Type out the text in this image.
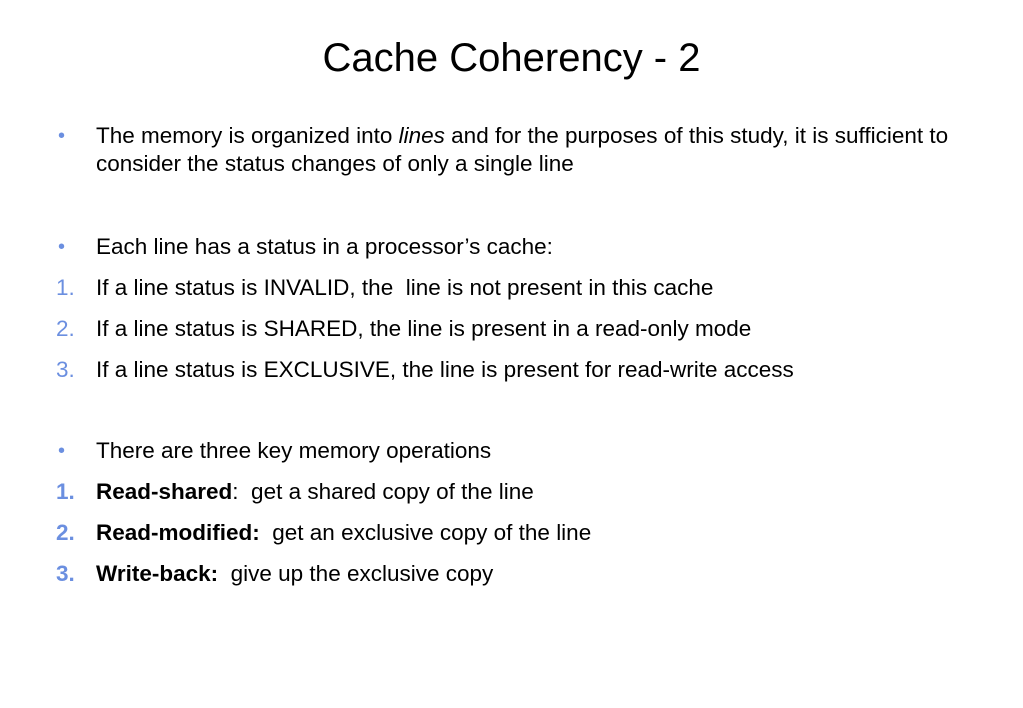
Cache Coherency - 2
• The memory is organized into lines and for the purposes of this study, it is sufficient to consider the status changes of only a single line
• Each line has a status in a processor’s cache:
1. If a line status is INVALID, the  line is not present in this cache
2. If a line status is SHARED, the line is present in a read-only mode
3. If a line status is EXCLUSIVE, the line is present for read-write access
• There are three key memory operations
1. Read-shared:  get a shared copy of the line
2. Read-modified:  get an exclusive copy of the line
3. Write-back:  give up the exclusive copy
